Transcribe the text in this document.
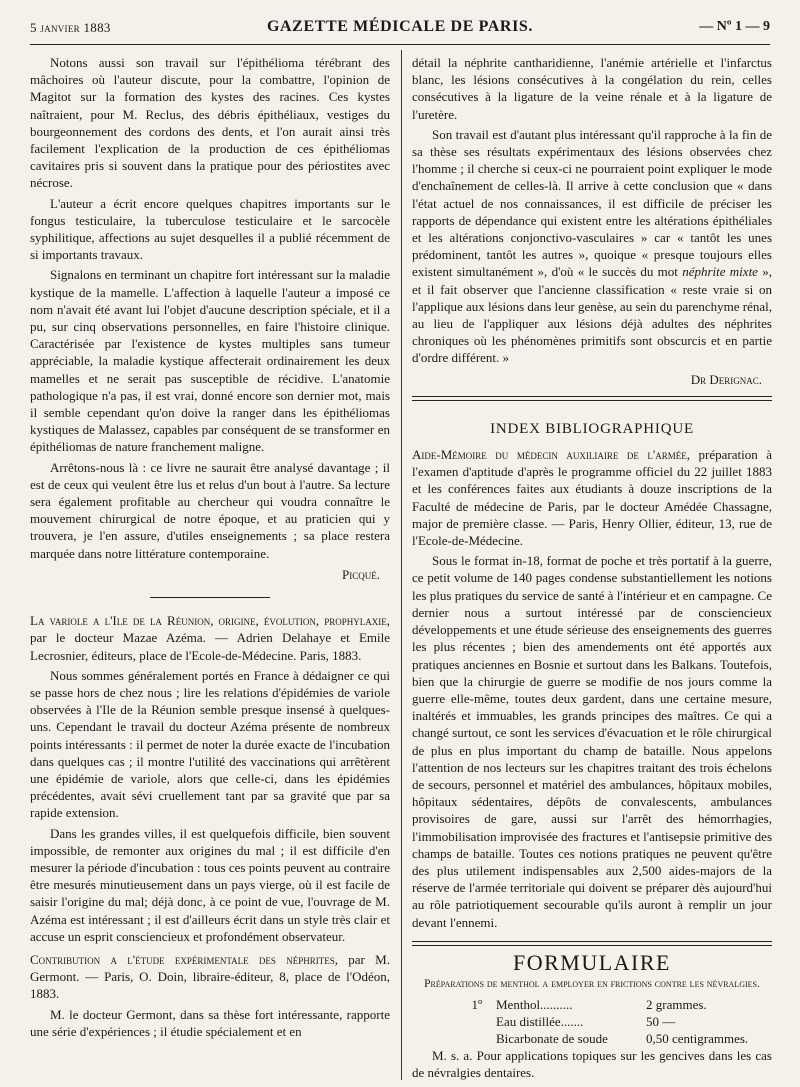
5 janvier 1883	GAZETTE MÉDICALE DE PARIS.	— Nº 1 — 9

Notons aussi son travail sur l'épithélioma térébrant des mâchoires où l'auteur discute, pour la combattre, l'opinion de Magitot sur la formation des kystes des racines. Ces kystes naîtraient, pour M. Reclus, des débris épithéliaux, vestiges du bourgeonnement des cordons des dents, et l'on aurait ainsi très facilement l'explication de la production de ces épithéliomas cavitaires pris si souvent dans la pratique pour des périostites avec nécrose.

L'auteur a écrit encore quelques chapitres importants sur le fongus testiculaire, la tuberculose testiculaire et le sarcocèle syphilitique, affections au sujet desquelles il a publié récemment de si importants travaux.

Signalons en terminant un chapitre fort intéressant sur la maladie kystique de la mamelle. L'affection à laquelle l'auteur a imposé ce nom n'avait été avant lui l'objet d'aucune description spéciale, et il a pu, sur cinq observations personnelles, en faire l'histoire clinique. Caractérisée par l'existence de kystes multiples sans tumeur appréciable, la maladie kystique affecterait ordinairement les deux mamelles et ne serait pas susceptible de récidive. L'anatomie pathologique n'a pas, il est vrai, donné encore son dernier mot, mais il semble cependant qu'on doive la ranger dans les épithéliomas kystiques de Malassez, capables par conséquent de se transformer en épithéliomas de nature franchement maligne.

Arrêtons-nous là : ce livre ne saurait être analysé davantage ; il est de ceux qui veulent être lus et relus d'un bout à l'autre. Sa lecture sera également profitable au chercheur qui voudra connaître le mouvement chirurgical de notre époque, et au praticien qui y trouvera, je l'en assure, d'utiles enseignements ; sa place restera marquée dans notre littérature contemporaine.

Picqué.

La variole a l'Ile de la Réunion, origine, évolution, prophylaxie, par le docteur Mazae Azéma. — Adrien Delahaye et Emile Lecrosnier, éditeurs, place de l'Ecole-de-Médecine. Paris, 1883.

Nous sommes généralement portés en France à dédaigner ce qui se passe hors de chez nous ; lire les relations d'épidémies de variole observées à l'Ile de la Réunion semble presque insensé à quelques-uns. Cependant le travail du docteur Azéma présente de nombreux points intéressants : il permet de noter la durée exacte de l'incubation dans quelques cas ; il montre l'utilité des vaccinations qui arrêtèrent une épidémie de variole, alors que celle-ci, dans les épidémies précédentes, avait sévi cruellement tant par sa gravité que par sa rapide extension.

Dans les grandes villes, il est quelquefois difficile, bien souvent impossible, de remonter aux origines du mal ; il est difficile d'en mesurer la période d'incubation : tous ces points peuvent au contraire être mesurés minutieusement dans un pays vierge, où il est facile de saisir l'origine du mal; déjà donc, à ce point de vue, l'ouvrage de M. Azéma est intéressant ; il est d'ailleurs écrit dans un style très clair et accuse un esprit consciencieux et profondément observateur.

Contribution a l'étude expérimentale des néphrites, par M. Germont. — Paris, O. Doin, libraire-éditeur, 8, place de l'Odéon, 1883.

M. le docteur Germont, dans sa thèse fort intéressante, rapporte une série d'expériences ; il étudie spécialement et en

détail la néphrite cantharidienne, l'anémie artérielle et l'infarctus blanc, les lésions consécutives à la congélation du rein, celles consécutives à la ligature de la veine rénale et à la ligature de l'uretère.

Son travail est d'autant plus intéressant qu'il rapproche à la fin de sa thèse ses résultats expérimentaux des lésions observées chez l'homme ; il cherche si ceux-ci ne pourraient point expliquer le mode d'enchaînement de celles-là. Il arrive à cette conclusion que « dans l'état actuel de nos connaissances, il est difficile de préciser les rapports de dépendance qui existent entre les altérations épithéliales et les altérations conjonctivo-vasculaires » car « tantôt les unes prédominent, tantôt les autres », quoique « presque toujours elles existent simultanément », d'où « le succès du mot néphrite mixte », et il fait observer que l'ancienne classification « reste vraie si on l'applique aux lésions dans leur genèse, au sein du parenchyme rénal, au lieu de l'appliquer aux lésions déjà adultes des néphrites chroniques où les phénomènes primitifs sont obscurcis et en partie d'ordre différent. »

Dr Derignac.
INDEX BIBLIOGRAPHIQUE

Aide-Mémoire du médecin auxiliaire de l'armée, préparation à l'examen d'aptitude d'après le programme officiel du 22 juillet 1883 et les conférences faites aux étudiants à douze inscriptions de la Faculté de médecine de Paris, par le docteur Amédée Chassagne, major de première classe. — Paris, Henry Ollier, éditeur, 13, rue de l'Ecole-de-Médecine.

Sous le format in-18, format de poche et très portatif à la guerre, ce petit volume de 140 pages condense substantiellement les notions les plus pratiques du service de santé à l'intérieur et en campagne. Ce dernier nous a surtout intéressé par de consciencieux développements et une étude sérieuse des enseignements des guerres les plus récentes ; bien des amendements ont été apportés aux pratiques anciennes en Bosnie et surtout dans les Balkans. Toutefois, bien que la chirurgie de guerre se modifie de nos jours comme la guerre elle-même, toutes deux gardent, dans une certaine mesure, inaltérés et immuables, les grands principes des maîtres. Ce qui a changé surtout, ce sont les services d'évacuation et le rôle chirurgical de plus en plus important du champ de bataille. Nous appelons l'attention de nos lecteurs sur les chapitres traitant des trois échelons de secours, personnel et matériel des ambulances, hôpitaux mobiles, hôpitaux sédentaires, dépôts de convalescents, ambulances provisoires de gare, aussi sur l'arrêt des hémorrhagies, l'immobilisation improvisée des fractures et l'antisepsie primitive des champs de bataille. Toutes ces notions pratiques ne peuvent qu'être des plus utilement indispensables aux 2,500 aides-majors de la réserve de l'armée territoriale qui doivent se préparer dès aujourd'hui au rôle patriotiquement secourable qu'ils auront à remplir un jour devant l'ennemi.

FORMULAIRE
Préparations de menthol a employer en frictions contre les névralgies.
1º	Menthol..........	2 grammes.
Eau distillée.......	50 —
Bicarbonate de soude	0,50 centigrammes.

M. s. a. Pour applications topiques sur les gencives dans les cas de névralgies dentaires.
